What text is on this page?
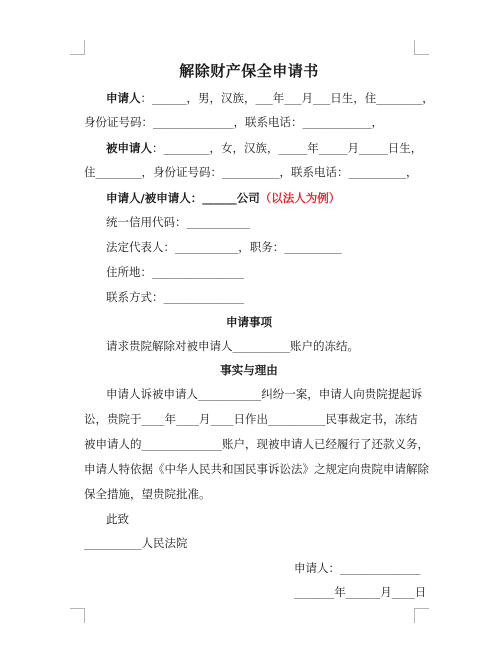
解除财产保全申请书
申请人：______，男，汉族，___年___月___日生，住________，
身份证号码：______________，联系电话：____________，
被申请人：________，女，汉族，_____年_____月_____日生，
住________，身份证号码：__________，联系电话：__________，
申请人/被申请人：______公司（以法人为例）
统一信用代码：___________
法定代表人：___________，职务：__________
住所地：________________
联系方式：______________
申请事项
请求贵院解除对被申请人__________账户的冻结。
事实与理由
申请人诉被申请人___________纠纷一案，申请人向贵院提起诉
讼，贵院于____年____月____日作出__________民事裁定书，冻结
被申请人的______________账户，现被申请人已经履行了还款义务，
申请人特依据《中华人民共和国民事诉讼法》之规定向贵院申请解除
保全措施，望贵院批准。
此致
__________人民法院
申请人：______________
_______年______月____日
